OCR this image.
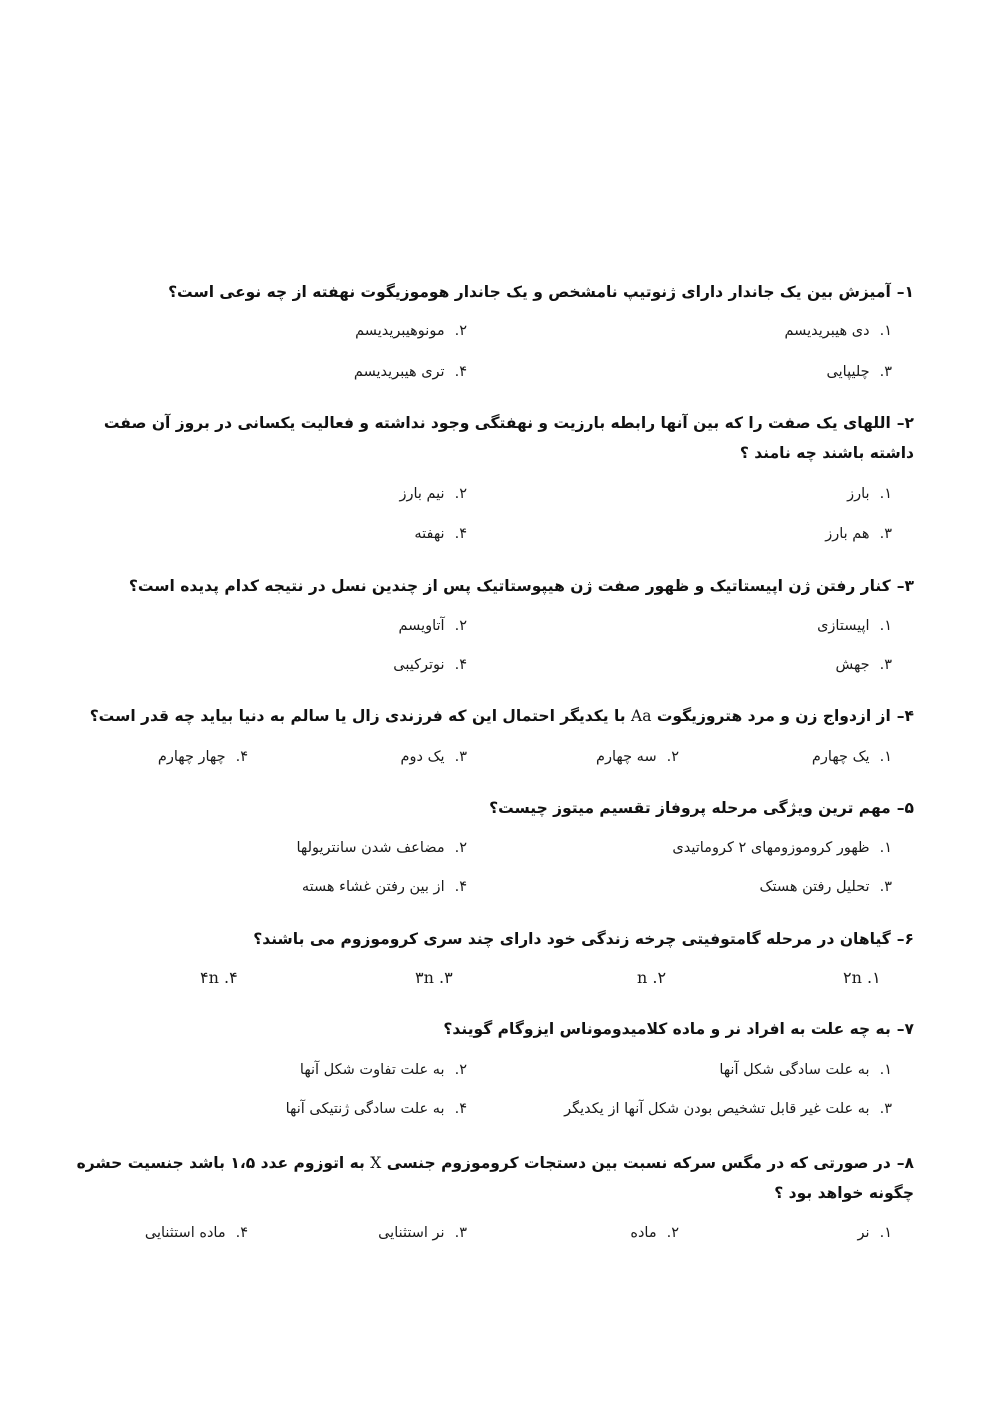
۱–آمیزش بین یک جاندار دارای ژنوتیپ نامشخص و یک جاندار هوموزیگوت نهفته از چه نوعی است؟
۱.دی هیبریدیسم
۲.مونوهیبریدیسم
۳.چلیپایی
۴.تری هیبریدیسم
۲–اللهای یک صفت را که بین آنها رابطه بارزیت و نهفتگی وجود نداشته و فعالیت یکسانی در بروز آن صفت داشته باشند چه نامند ؟
۱.بارز
۲.نیم بارز
۳.هم بارز
۴.نهفته
۳–کنار رفتن ژن اپیستاتیک و ظهور صفت ژن هیپوستاتیک پس از چندین نسل در نتیجه کدام پدیده است؟
۱.اپیستازی
۲.آتاویسم
۳.جهش
۴.نوترکیبی
۴–از ازدواج زن و مرد هتروزیگوت Aa با یکدیگر احتمال این که فرزندی زال یا سالم به دنیا بیاید چه قدر است؟
۱.یک چهارم
۲.سه چهارم
۳.یک دوم
۴.چهار چهارم
۵–مهم ترین ویژگی مرحله پروفاز تقسیم میتوز چیست؟
۱.ظهور کروموزومهای ۲ کروماتیدی
۲.مضاعف شدن سانتریولها
۳.تحلیل رفتن هستک
۴.از بین رفتن غشاء هسته
۶–گیاهان در مرحله گامتوفیتی چرخه زندگی خود دارای چند سری کروموزوم می باشند؟
۲n .۱
n .۲
۳n .۳
۴n .۴
۷–به چه علت به افراد نر و ماده کلامیدوموناس ایزوگام گویند؟
۱.به علت سادگی شکل آنها
۲.به علت تفاوت شکل آنها
۳.به علت غیر قابل تشخیص بودن شکل آنها از یکدیگر
۴.به علت سادگی ژنتیکی آنها
۸–در صورتی که در مگس سرکه نسبت بین دستجات کروموزوم جنسی X به اتوزوم عدد ۱،۵ باشد جنسیت حشره چگونه خواهد بود ؟
۱.نر
۲.ماده
۳.نر استثنایی
۴.ماده استثنایی
